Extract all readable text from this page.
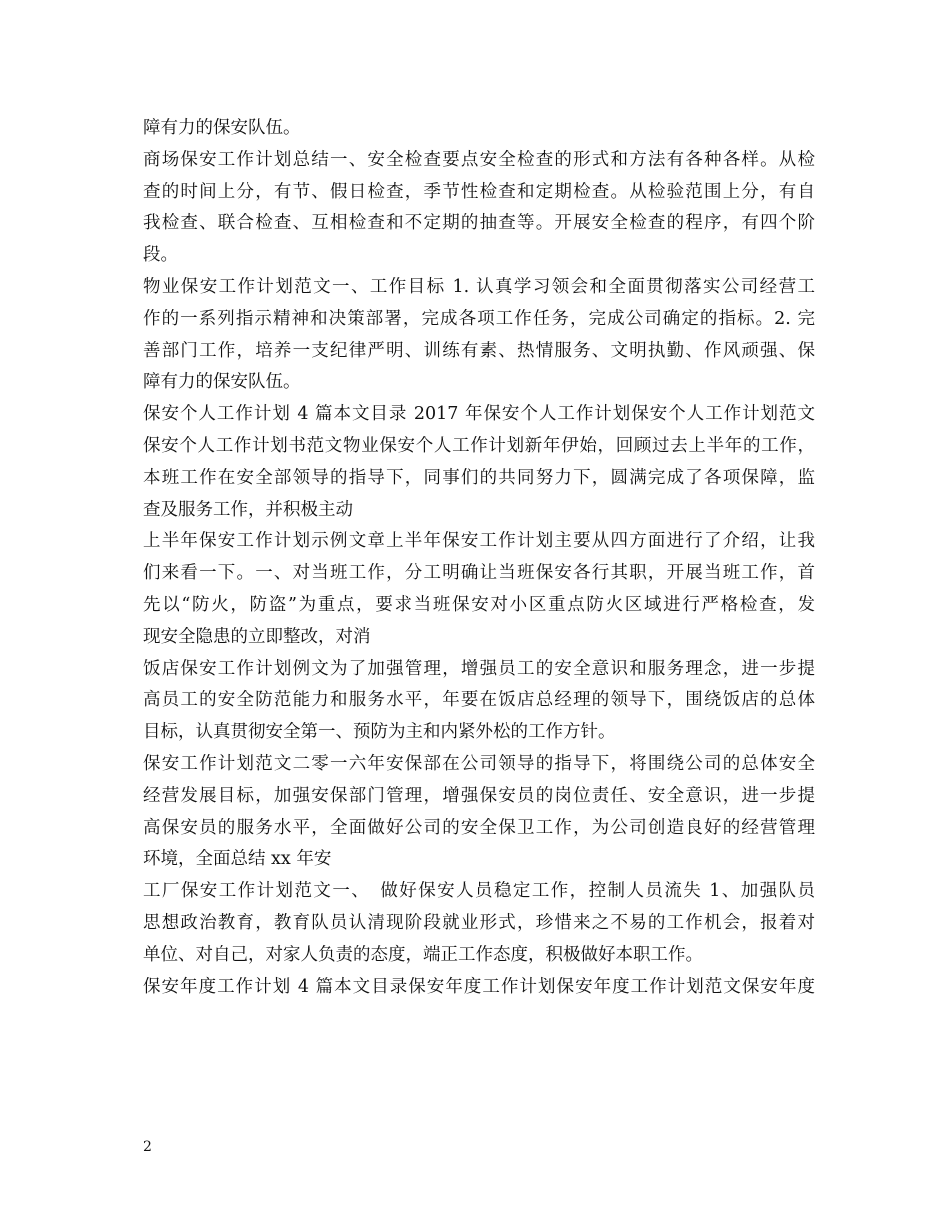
障有力的保安队伍。
商场保安工作计划总结一、安全检查要点安全检查的形式和方法有各种各样。从检
查的时间上分，有节、假日检查，季节性检查和定期检查。从检验范围上分，有自
我检查、联合检查、互相检查和不定期的抽查等。开展安全检查的程序，有四个阶
段。
物业保安工作计划范文一、工作目标 1. 认真学习领会和全面贯彻落实公司经营工
作的一系列指示精神和决策部署，完成各项工作任务，完成公司确定的指标。2. 完
善部门工作，培养一支纪律严明、训练有素、热情服务、文明执勤、作风顽强、保
障有力的保安队伍。
保安个人工作计划 4 篇本文目录 2017 年保安个人工作计划保安个人工作计划范文
保安个人工作计划书范文物业保安个人工作计划新年伊始，回顾过去上半年的工作，
本班工作在安全部领导的指导下，同事们的共同努力下，圆满完成了各项保障，监
查及服务工作，并积极主动
上半年保安工作计划示例文章上半年保安工作计划主要从四方面进行了介绍，让我
们来看一下。一、对当班工作，分工明确让当班保安各行其职，开展当班工作，首
先以“防火，防盗”为重点，要求当班保安对小区重点防火区域进行严格检查，发
现安全隐患的立即整改，对消
饭店保安工作计划例文为了加强管理，增强员工的安全意识和服务理念，进一步提
高员工的安全防范能力和服务水平，年要在饭店总经理的领导下，围绕饭店的总体
目标，认真贯彻安全第一、预防为主和内紧外松的工作方针。
保安工作计划范文二零一六年安保部在公司领导的指导下，将围绕公司的总体安全
经营发展目标，加强安保部门管理，增强保安员的岗位责任、安全意识，进一步提
高保安员的服务水平，全面做好公司的安全保卫工作，为公司创造良好的经营管理
环境，全面总结 xx 年安
工厂保安工作计划范文一、　做好保安人员稳定工作，控制人员流失 1、加强队员
思想政治教育，教育队员认清现阶段就业形式，珍惜来之不易的工作机会，报着对
单位、对自己，对家人负责的态度，端正工作态度，积极做好本职工作。
保安年度工作计划 4 篇本文目录保安年度工作计划保安年度工作计划范文保安年度
2
